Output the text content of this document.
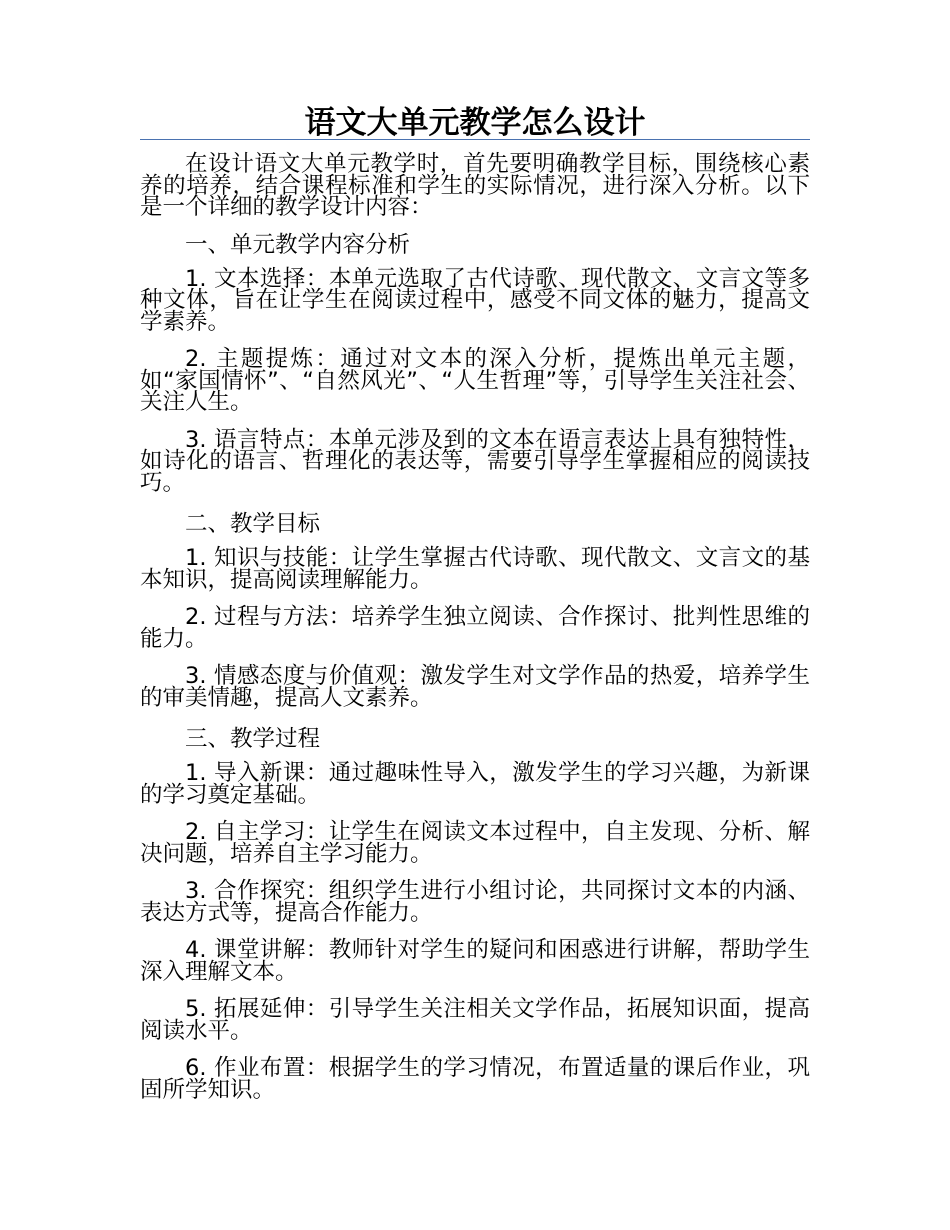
语文大单元教学怎么设计

在设计语文大单元教学时，首先要明确教学目标，围绕核心素养的培养，结合课程标准和学生的实际情况，进行深入分析。以下是一个详细的教学设计内容：

一、单元教学内容分析

1. 文本选择：本单元选取了古代诗歌、现代散文、文言文等多种文体，旨在让学生在阅读过程中，感受不同文体的魅力，提高文学素养。

2. 主题提炼：通过对文本的深入分析，提炼出单元主题，如“家国情怀”、“自然风光”、“人生哲理”等，引导学生关注社会、关注人生。

3. 语言特点：本单元涉及到的文本在语言表达上具有独特性，如诗化的语言、哲理化的表达等，需要引导学生掌握相应的阅读技巧。

二、教学目标

1. 知识与技能：让学生掌握古代诗歌、现代散文、文言文的基本知识，提高阅读理解能力。

2. 过程与方法：培养学生独立阅读、合作探讨、批判性思维的能力。

3. 情感态度与价值观：激发学生对文学作品的热爱，培养学生的审美情趣，提高人文素养。

三、教学过程

1. 导入新课：通过趣味性导入，激发学生的学习兴趣，为新课的学习奠定基础。

2. 自主学习：让学生在阅读文本过程中，自主发现、分析、解决问题，培养自主学习能力。

3. 合作探究：组织学生进行小组讨论，共同探讨文本的内涵、表达方式等，提高合作能力。

4. 课堂讲解：教师针对学生的疑问和困惑进行讲解，帮助学生深入理解文本。

5. 拓展延伸：引导学生关注相关文学作品，拓展知识面，提高阅读水平。

6. 作业布置：根据学生的学习情况，布置适量的课后作业，巩固所学知识。
